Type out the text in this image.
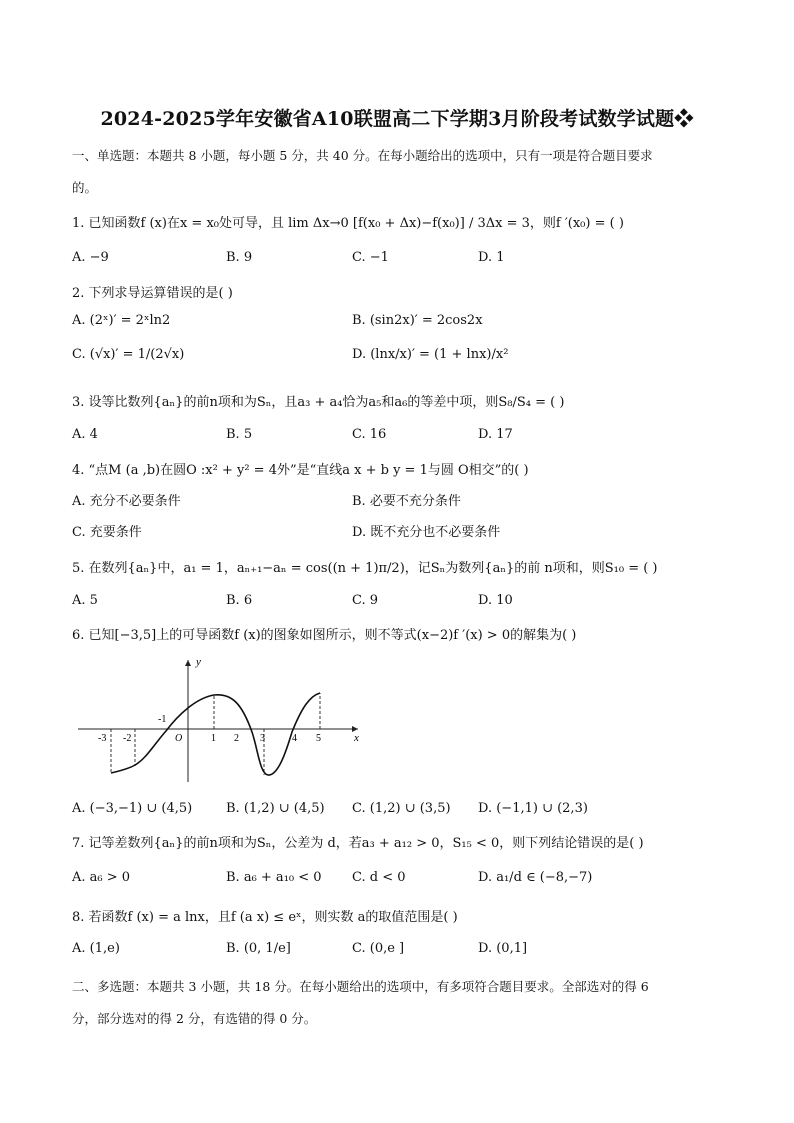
2024-2025学年安徽省A10联盟高二下学期3月阶段考试数学试题❖
一、单选题：本题共 8 小题，每小题 5 分，共 40 分。在每小题给出的选项中，只有一项是符合题目要求
的。
1. 已知函数f (x)在x = x₀处可导，且 lim Δx→0 [f(x₀ + Δx)−f(x₀)] / 3Δx = 3，则f ′(x₀) = ( )
A. −9	B. 9	C. −1	D. 1
2. 下列求导运算错误的是( )
A. (2ˣ)′ = 2ˣln2	B. (sin2x)′ = 2cos2x
C. (√x)′ = 1/(2√x)	D. (lnx/x)′ = (1 + lnx)/x²
3. 设等比数列{aₙ}的前n项和为Sₙ，且a₃ + a₄恰为a₅和a₆的等差中项，则S₈/S₄ = ( )
A. 4	B. 5	C. 16	D. 17
4. “点M (a ,b)在圆O :x² + y² = 4外”是“直线a x + b y = 1与圆 O相交”的( )
A. 充分不必要条件	B. 必要不充分条件
C. 充要条件	D. 既不充分也不必要条件
5. 在数列{aₙ}中，a₁ = 1，aₙ₊₁−aₙ = cos((n + 1)π/2)，记Sₙ为数列{aₙ}的前 n项和，则S₁₀ = ( )
A. 5	B. 6	C. 9	D. 10
6. 已知[−3,5]上的可导函数f (x)的图象如图所示，则不等式(x−2)f ′(x) > 0的解集为( )
y
x
O
-3 -2
-1
1 2 3	4 5
A. (−3,−1) ∪ (4,5)	B. (1,2) ∪ (4,5) C. (1,2) ∪ (3,5) D. (−1,1) ∪ (2,3)
7. 记等差数列{aₙ}的前n项和为Sₙ，公差为 d，若a₃ + a₁₂ > 0，S₁₅ < 0，则下列结论错误的是( )
A. a₆ > 0	B. a₆ + a₁₀ < 0 C. d < 0	D. a₁/d ∈ (−8,−7)
8. 若函数f (x) = a lnx，且f (a x) ≤ eˣ，则实数 a的取值范围是( )
A. (1,e)	B. (0, 1/e]	C. (0,e ]	D. (0,1]
二、多选题：本题共 3 小题，共 18 分。在每小题给出的选项中，有多项符合题目要求。全部选对的得 6
分，部分选对的得 2 分，有选错的得 0 分。
